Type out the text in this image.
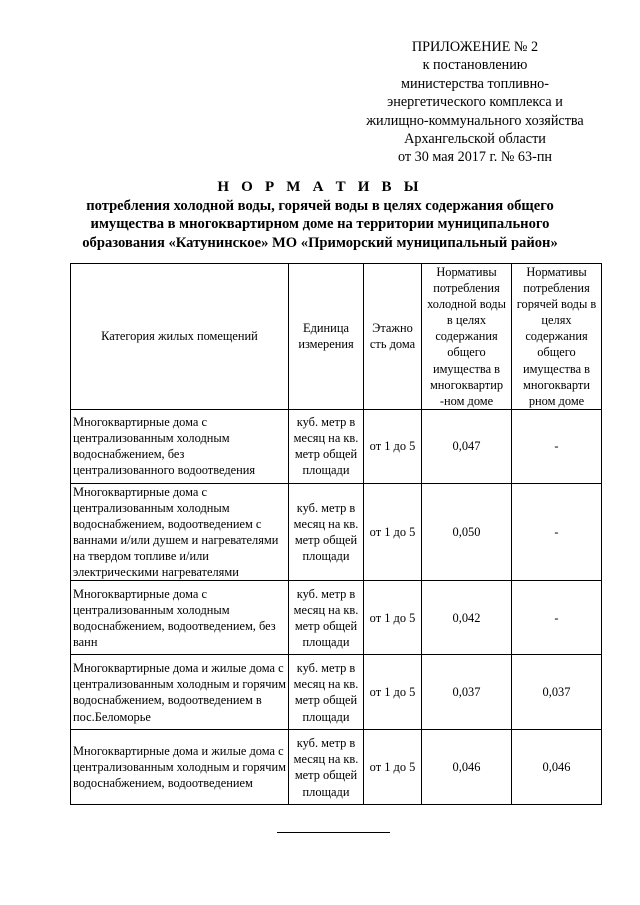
ПРИЛОЖЕНИЕ № 2
к постановлению
министерства топливно-
энергетического комплекса и
жилищно-коммунального хозяйства
Архангельской области
от 30 мая 2017 г. № 63-пн
Н О Р М А Т И В Ы
потребления холодной воды, горячей воды в целях содержания общего
имущества в многоквартирном доме на территории муниципального
образования «Катунинское» МО «Приморский муниципальный район»
Категория жилых помещений	Единица измерения	Этажно сть дома	Нормативы потребления холодной воды в целях содержания общего имущества в многоквартир -ном доме	Нормативы потребления горячей воды в целях содержания общего имущества в многокварти рном доме
Многоквартирные дома с централизованным холодным водоснабжением, без централизованного водоотведения	куб. метр в месяц на кв. метр общей площади	от 1 до 5	0,047	-
Многоквартирные дома с централизованным холодным водоснабжением, водоотведением с ваннами и/или душем и нагревателями на твердом топливе и/или электрическими нагревателями	куб. метр в месяц на кв. метр общей площади	от 1 до 5	0,050	-
Многоквартирные дома с централизованным холодным водоснабжением, водоотведением, без ванн	куб. метр в месяц на кв. метр общей площади	от 1 до 5	0,042	-
Многоквартирные дома и жилые дома с централизованным холодным и горячим водоснабжением, водоотведением в пос.Беломорье	куб. метр в месяц на кв. метр общей площади	от 1 до 5	0,037	0,037
Многоквартирные дома и жилые дома с централизованным холодным и горячим водоснабжением, водоотведением	куб. метр в месяц на кв. метр общей площади	от 1 до 5	0,046	0,046
